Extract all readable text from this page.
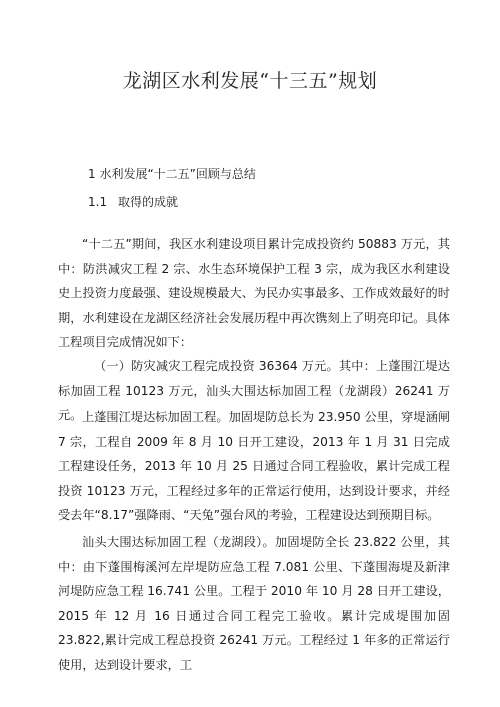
龙湖区水利发展“十三五”规划
1 水利发展“十二五”回顾与总结
1.1 取得的成就

“十二五”期间，我区水利建设项目累计完成投资约 50883 万元，其中：防洪减灾工程 2 宗、水生态环境保护工程 3 宗，成为我区水利建设史上投资力度最强、建设规模最大、为民办实事最多、工作成效最好的时期，水利建设在龙湖区经济社会发展历程中再次镌刻上了明亮印记。具体工程项目完成情况如下：

（一）防灾减灾工程完成投资 36364 万元。其中：上蓬围江堤达标加固工程 10123 万元，汕头大围达标加固工程（龙湖段）26241 万元。 上蓬围江堤达标加固工程。加固堤防总长为 23.950 公里，穿堤涵闸 7 宗，工程自 2009 年 8 月 10 日开工建设，2013 年 1 月 31 日完成工程建设任务，2013 年 10 月 25 日通过合同工程验收，累计完成工程投资 10123 万元，工程经过多年的正常运行使用，达到设计要求，并经受去年“8.17”强降雨、“天兔”强台风的考验，工程建设达到预期目标。

汕头大围达标加固工程（龙湖段）。加固堤防全长 23.822 公里，其中：由下蓬围梅溪河左岸堤防应急工程 7.081 公里、下蓬围海堤及新津河堤防应急工程 16.741 公里。工程于 2010 年 10 月 28 日开工建设，2015 年 12 月 16 日通过合同工程完工验收。累计完成堤围加固 23.822,累计完成工程总投资 26241 万元。工程经过 1 年多的正常运行使用，达到设计要求，工
